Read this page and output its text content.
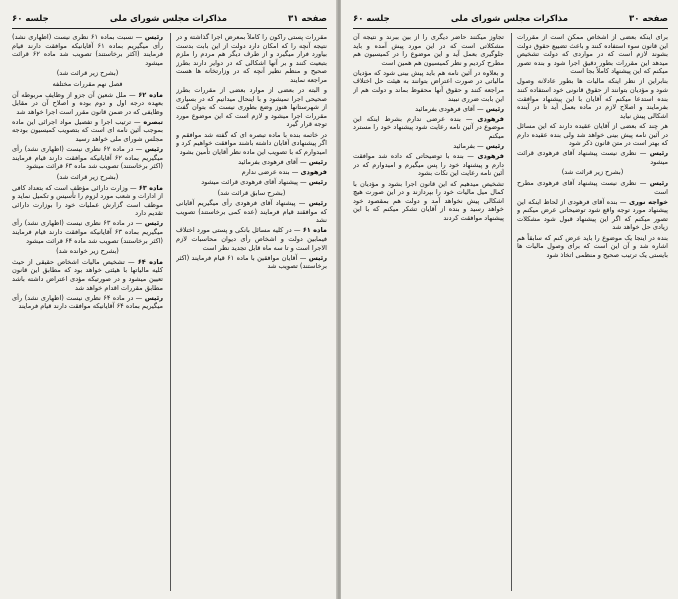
صفحه ۳۱
مذاکرات مجلس شورای ملی
جلسه ۶۰

مقررات پستی راکون را کاملاً بمعرض اجرا گذاشته و در نتیجه آنچه را که امکان دارد دولت از این بابت بدست بیاورد فرار میگیرد و از طرف دیگر هم مردم را ملزم بتبعیت کنند و بر آنها اشکالی که در دوایر دارند بطرز صحیح و منظم نظیر آنچه که در وزارتخانه ها هست مراجعه نمایند

و البته در بعضی از موارد بعضی از مقررات بطرز صحیحی اجرا نمیشود و با اینحال میدانیم که در بسیاری از شهرستانها هنوز وضع بطوری نیست که بتوان گفت مقررات اجرا میشود و لازم است که این موضوع مورد توجه قرار گیرد

در خاتمه بنده با ماده تبصره ای که گفته شد موافقم و اگر پیشنهادی آقایان داشته باشند موافقت خواهیم کرد و امیدوارم که با تصویب این ماده نظر آقایان تأمین بشود

رئیس — آقای فرهودی بفرمائید

فرهودی — بنده عرضی ندارم

رئیس — پیشنهاد آقای فرهودی قرائت میشود

(بشرح سابق قرائت شد)

رئیس — پیشنهاد آقای فرهودی رأی میگیریم آقایانی که موافقند قیام فرمایند (عده کمی برخاستند) تصویب نشد

ماده ۶۱ — در کلیه مسائل بانکی و پستی مورد اختلاف فیمابین دولت و اشخاص رأی دیوان محاسبات لازم الاجرا است و تا سه ماه قابل تجدید نظر است

رئیس — آقایان موافقین با ماده ۶۱ قیام فرمایند (اکثر برخاستند) تصویب شد

رئیس — نسبت بماده ۶۱ نظری نیست (اظهاری نشد) رأی میگیریم بماده ۶۱ آقایانیکه موافقت دارند قیام فرمایند (اکثر برخاستند) تصویب شد ماده ۶۲ قرائت میشود

(بشرح زیر قرائت شد)

فصل نهم مقررات مختلفه

ماده ۶۲ — ملل شعین آن جزو از وظایف مربوطه آن بعهده درجه اول و دوم بوده و اصلاح آن در مقابل وظایفی که در ضمن قانون مقرر است اجرا خواهد شد

تبصره — ترتیب اجرا و تفصیل مواد اجرائی این ماده بموجب آئین نامه ای است که بتصویب کمیسیون بودجه مجلس شورای ملی خواهد رسید

رئیس — در ماده ۶۲ نظری نیست (اظهاری نشد) رأی میگیریم بماده ۶۲ آقایانیکه موافقت دارند قیام فرمایند (اکثر برخاستند) تصویب شد ماده ۶۳ قرائت میشود

(بشرح زیر قرائت شد)

ماده ۶۳ — وزارت دارائی مؤظف است که بتعداد کافی از ادارات و شعب مورد لزوم را تأسیس و تکمیل نماید و موظف است گزارش عملیات خود را بوزارت دارائی تقدیم دارد

رئیس — در ماده ۶۳ نظری نیست (اظهاری نشد) رأی میگیریم بماده ۶۳ آقایانیکه موافقت دارند قیام فرمایند (اکثر برخاستند) تصویب شد ماده ۶۴ قرائت میشود

(بشرح زیر خوانده شد)

ماده ۶۴ — تشخیص مالیات اشخاص حقیقی از حیث کلیه مالیاتها با هیئتی خواهد بود که مطابق این قانون تعیین میشود و در صورتیکه مؤدی اعتراض داشته باشد مطابق مقررات اقدام خواهد شد

رئیس — در ماده ۶۴ نظری نیست (اظهاری نشد) رأی میگیریم بماده ۶۴ آقایانیکه موافقت دارند قیام فرمایند

صفحه ۳۰
مذاکرات مجلس شورای ملی
جلسه ۶۰

برای اینکه بعضی از اشخاص ممکن است از مقررات این قانون سوء استفاده کنند و باعث تضییع حقوق دولت بشوند لازم است که در مواردی که دولت تشخیص میدهد این مقررات بطور دقیق اجرا شود و بنده تصور میکنم که این پیشنهاد کاملاً بجا است

بنابراین از نظر اینکه مالیات ها بطور عادلانه وصول شود و مؤدیان بتوانند از حقوق قانونی خود استفاده کنند بنده استدعا میکنم که آقایان با این پیشنهاد موافقت بفرمایند و اصلاح لازم در ماده بعمل آید تا در آینده اشکالی پیش نیاید

هر چند که بعضی از آقایان عقیده دارند که این مسائل در آئین نامه پیش بینی خواهد شد ولی بنده عقیده دارم که بهتر است در متن قانون ذکر شود

رئیس — نظری نیست پیشنهاد آقای فرهودی قرائت میشود

(بشرح زیر قرائت شد)

رئیس — نظری نیست پیشنهاد آقای فرهودی مطرح است

خواجه نوری — بنده آقای فرهودی از لحاظ اینکه این پیشنهاد مورد توجه واقع شود توضیحاتی عرض میکنم و تصور میکنم که اگر این پیشنهاد قبول شود مشکلات زیادی حل خواهد شد

بنده در اینجا یک موضوع را باید عرض کنم که سابقاً هم اشاره شد و آن این است که برای وصول مالیات ها بایستی یک ترتیب صحیح و منظمی اتخاذ شود

تجاوز میکنند حاضر دیگری را از بین ببرند و نتیجه آن مشکلاتی است که در این مورد پیش آمده و باید جلوگیری بعمل آید و این موضوع را در کمیسیون هم مطرح کردیم و نظر کمیسیون هم همین است

و بعلاوه در آئین نامه هم باید پیش بینی شود که مؤدیان مالیاتی در صورت اعتراض بتوانند به هیئت حل اختلاف مراجعه کنند و حقوق آنها محفوظ بماند و دولت هم از این بابت ضرری نبیند

رئیس — آقای فرهودی بفرمائید

فرهودی — بنده عرضی ندارم بشرط اینکه این موضوع در آئین نامه رعایت شود پیشنهاد خود را مسترد میکنم

رئیس — بفرمائید

فرهودی — بنده با توضیحاتی که داده شد موافقت دارم و پیشنهاد خود را پس میگیرم و امیدوارم که در آئین نامه رعایت این نکات بشود

تشخیص میدهیم که این قانون اجرا بشود و مؤدیان با کمال میل مالیات خود را بپردازند و در این صورت هیچ اشکالی پیش نخواهد آمد و دولت هم بمقصود خود خواهد رسید و بنده از آقایان تشکر میکنم که با این پیشنهاد موافقت کردند
